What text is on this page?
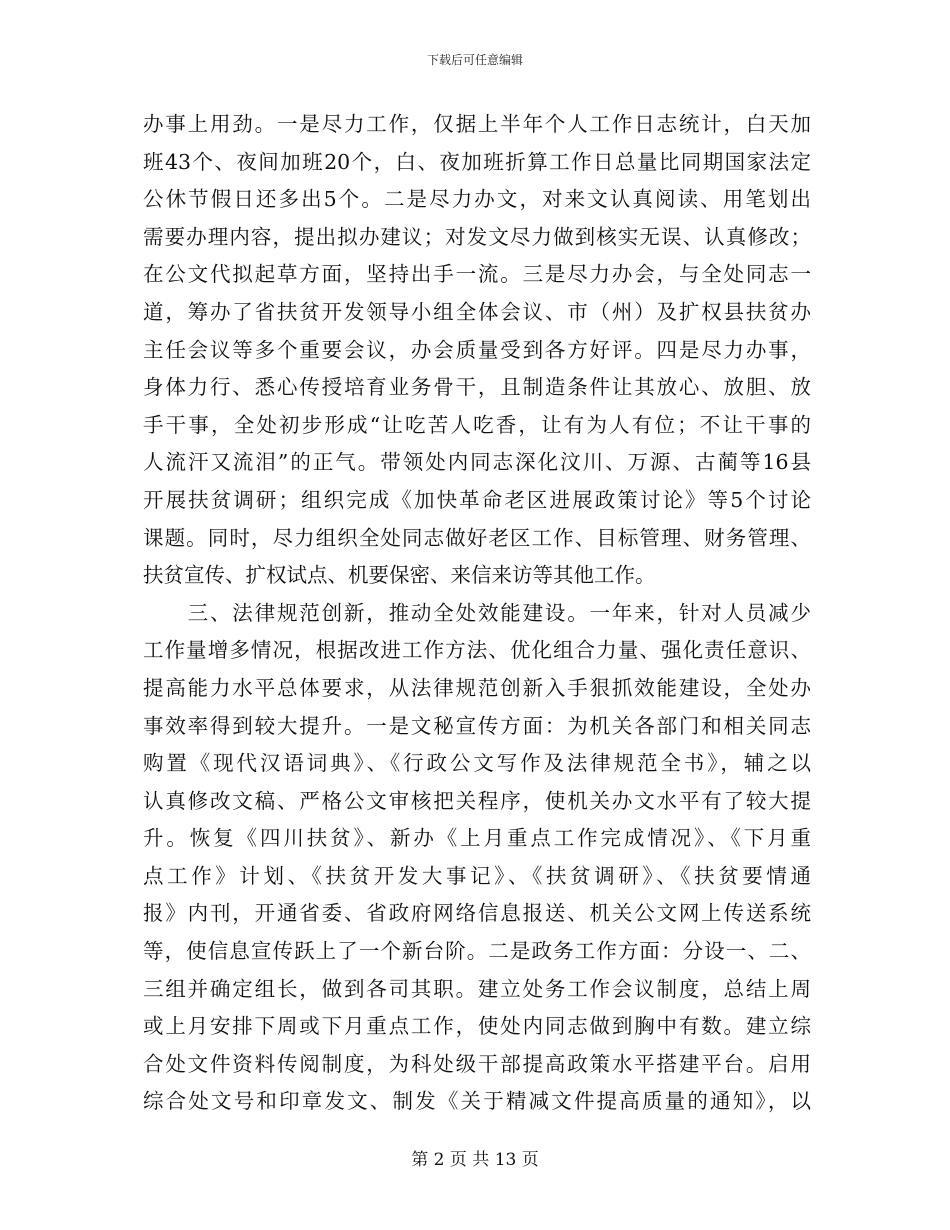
下载后可任意编辑
办事上用劲。一是尽力工作，仅据上半年个人工作日志统计，白天加
班43个、夜间加班20个，白、夜加班折算工作日总量比同期国家法定
公休节假日还多出5个。二是尽力办文，对来文认真阅读、用笔划出
需要办理内容，提出拟办建议；对发文尽力做到核实无误、认真修改；
在公文代拟起草方面，坚持出手一流。三是尽力办会，与全处同志一
道，筹办了省扶贫开发领导小组全体会议、市（州）及扩权县扶贫办
主任会议等多个重要会议，办会质量受到各方好评。四是尽力办事，
身体力行、悉心传授培育业务骨干，且制造条件让其放心、放胆、放
手干事，全处初步形成“让吃苦人吃香，让有为人有位；不让干事的
人流汗又流泪”的正气。带领处内同志深化汶川、万源、古蔺等16县
开展扶贫调研；组织完成《加快革命老区进展政策讨论》等5个讨论
课题。同时，尽力组织全处同志做好老区工作、目标管理、财务管理、
扶贫宣传、扩权试点、机要保密、来信来访等其他工作。
　　三、法律规范创新，推动全处效能建设。一年来，针对人员减少
工作量增多情况，根据改进工作方法、优化组合力量、强化责任意识、
提高能力水平总体要求，从法律规范创新入手狠抓效能建设，全处办
事效率得到较大提升。一是文秘宣传方面：为机关各部门和相关同志
购置《现代汉语词典》、《行政公文写作及法律规范全书》，辅之以
认真修改文稿、严格公文审核把关程序，使机关办文水平有了较大提
升。恢复《四川扶贫》、新办《上月重点工作完成情况》、《下月重
点工作》计划、《扶贫开发大事记》、《扶贫调研》、《扶贫要情通
报》内刊，开通省委、省政府网络信息报送、机关公文网上传送系统
等，使信息宣传跃上了一个新台阶。二是政务工作方面：分设一、二、
三组并确定组长，做到各司其职。建立处务工作会议制度，总结上周
或上月安排下周或下月重点工作，使处内同志做到胸中有数。建立综
合处文件资料传阅制度，为科处级干部提高政策水平搭建平台。启用
综合处文号和印章发文、制发《关于精减文件提高质量的通知》，以
第 2 页 共 13 页
